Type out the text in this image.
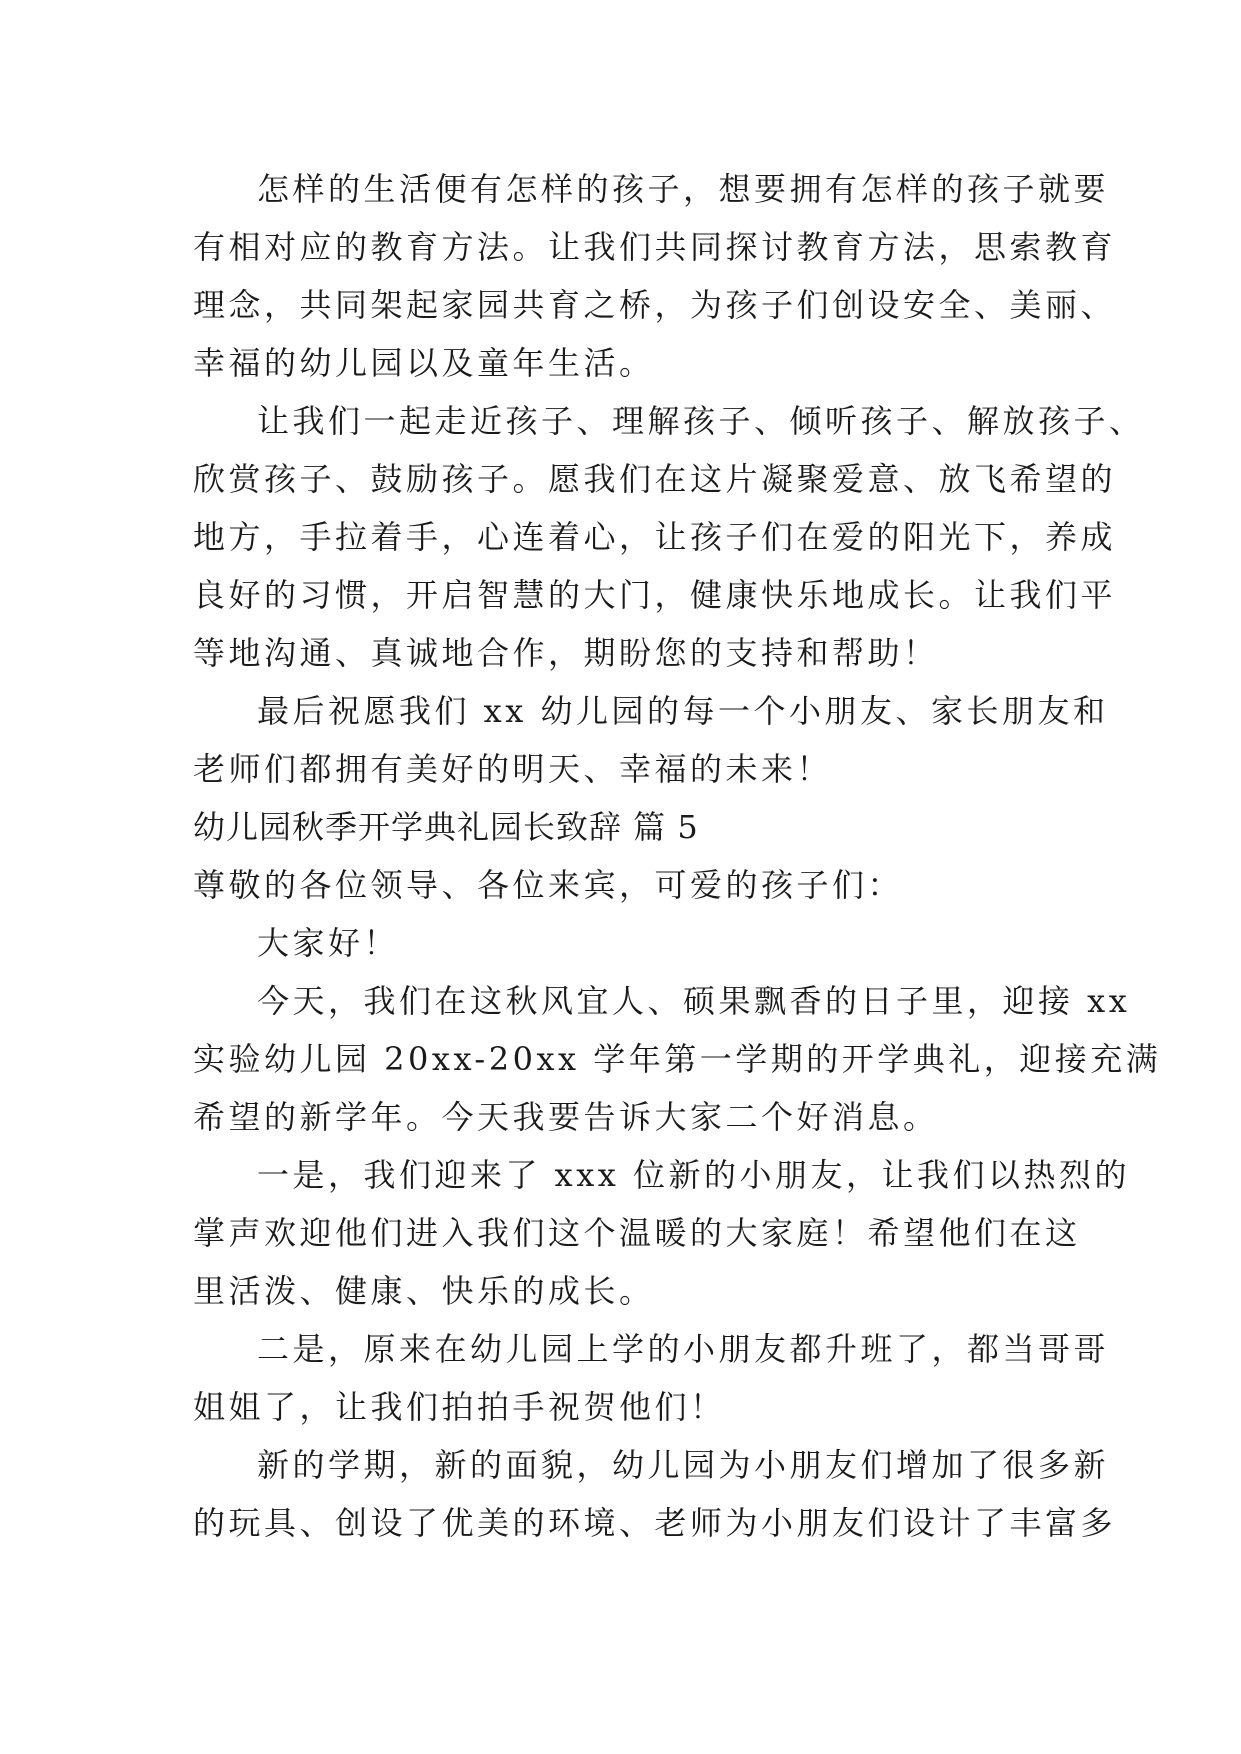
怎样的生活便有怎样的孩子，想要拥有怎样的孩子就要
有相对应的教育方法。让我们共同探讨教育方法，思索教育
理念，共同架起家园共育之桥，为孩子们创设安全、美丽、
幸福的幼儿园以及童年生活。
让我们一起走近孩子、理解孩子、倾听孩子、解放孩子、
欣赏孩子、鼓励孩子。愿我们在这片凝聚爱意、放飞希望的
地方，手拉着手，心连着心，让孩子们在爱的阳光下，养成
良好的习惯，开启智慧的大门，健康快乐地成长。让我们平
等地沟通、真诚地合作，期盼您的支持和帮助！
最后祝愿我们 xx 幼儿园的每一个小朋友、家长朋友和
老师们都拥有美好的明天、幸福的未来！
幼儿园秋季开学典礼园长致辞 篇 5
尊敬的各位领导、各位来宾，可爱的孩子们：
大家好！
今天，我们在这秋风宜人、硕果飘香的日子里，迎接 xx
实验幼儿园 20xx-20xx 学年第一学期的开学典礼，迎接充满
希望的新学年。今天我要告诉大家二个好消息。
一是，我们迎来了 xxx 位新的小朋友，让我们以热烈的
掌声欢迎他们进入我们这个温暖的大家庭！希望他们在这
里活泼、健康、快乐的成长。
二是，原来在幼儿园上学的小朋友都升班了，都当哥哥
姐姐了，让我们拍拍手祝贺他们！
新的学期，新的面貌，幼儿园为小朋友们增加了很多新
的玩具、创设了优美的环境、老师为小朋友们设计了丰富多
